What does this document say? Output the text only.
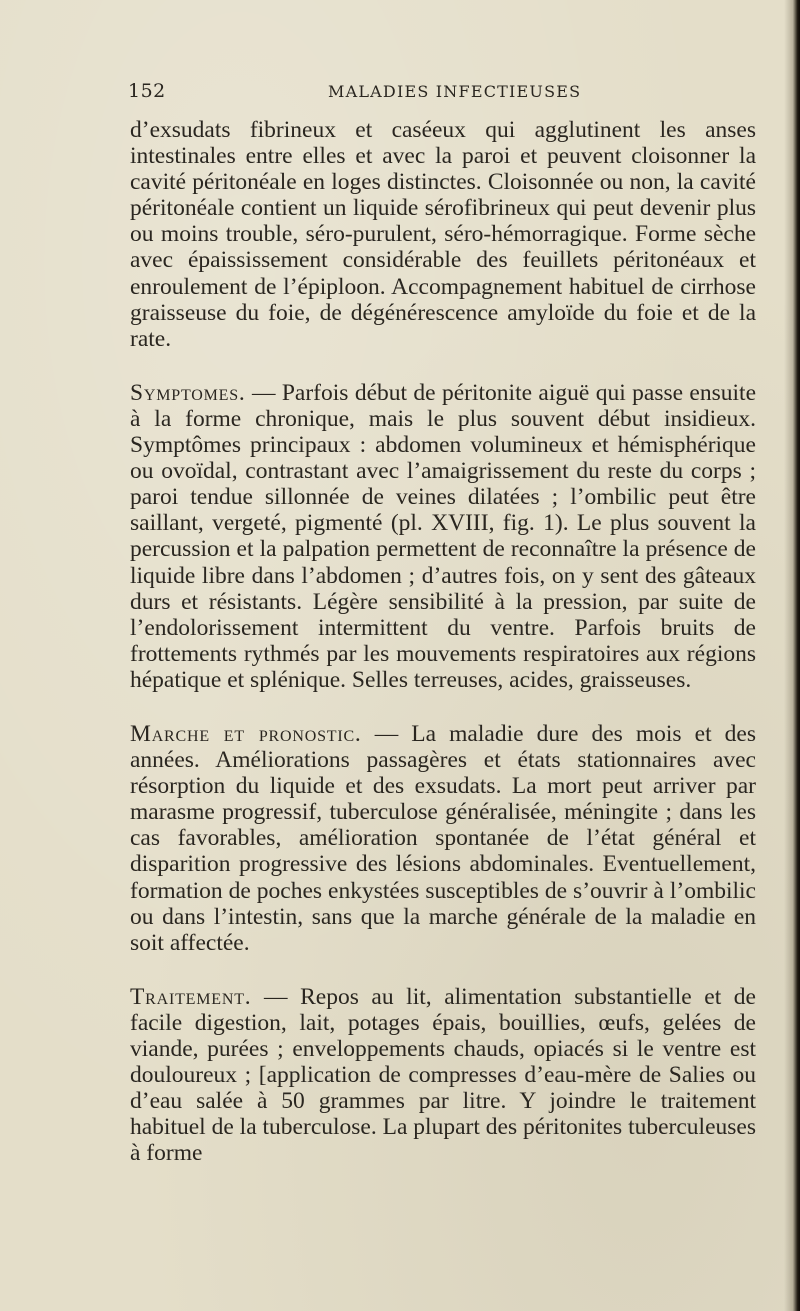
152	MALADIES INFECTIEUSES

d’exsudats fibrineux et caséeux qui agglutinent les anses intestinales entre elles et avec la paroi et peuvent cloisonner la cavité péritonéale en loges distinctes. Cloisonnée ou non, la cavité péritonéale contient un liquide sérofibrineux qui peut devenir plus ou moins trouble, séro-purulent, séro-hémorragique. Forme sèche avec épaississement considérable des feuillets péritonéaux et enroulement de l’épiploon. Accompagnement habituel de cirrhose graisseuse du foie, de dégénérescence amyloïde du foie et de la rate.

Symptomes. — Parfois début de péritonite aiguë qui passe ensuite à la forme chronique, mais le plus souvent début insidieux. Symptômes principaux : abdomen volumineux et hémisphérique ou ovoïdal, contrastant avec l’amaigrissement du reste du corps ; paroi tendue sillonnée de veines dilatées ; l’ombilic peut être saillant, vergeté, pigmenté (pl. XVIII, fig. 1). Le plus souvent la percussion et la palpation permettent de reconnaître la présence de liquide libre dans l’abdomen ; d’autres fois, on y sent des gâteaux durs et résistants. Légère sensibilité à la pression, par suite de l’endolorissement intermittent du ventre. Parfois bruits de frottements rythmés par les mouvements respiratoires aux régions hépatique et splénique. Selles terreuses, acides, graisseuses.

Marche et pronostic. — La maladie dure des mois et des années. Améliorations passagères et états stationnaires avec résorption du liquide et des exsudats. La mort peut arriver par marasme progressif, tuberculose généralisée, méningite ; dans les cas favorables, amélioration spontanée de l’état général et disparition progressive des lésions abdominales. Eventuellement, formation de poches enkystées susceptibles de s’ouvrir à l’ombilic ou dans l’intestin, sans que la marche générale de la maladie en soit affectée.

Traitement. — Repos au lit, alimentation substantielle et de facile digestion, lait, potages épais, bouillies, œufs, gelées de viande, purées ; enveloppements chauds, opiacés si le ventre est douloureux ; [application de compresses d’eau-mère de Salies ou d’eau salée à 50 grammes par litre. Y joindre le traitement habituel de la tuberculose. La plupart des péritonites tuberculeuses à forme
